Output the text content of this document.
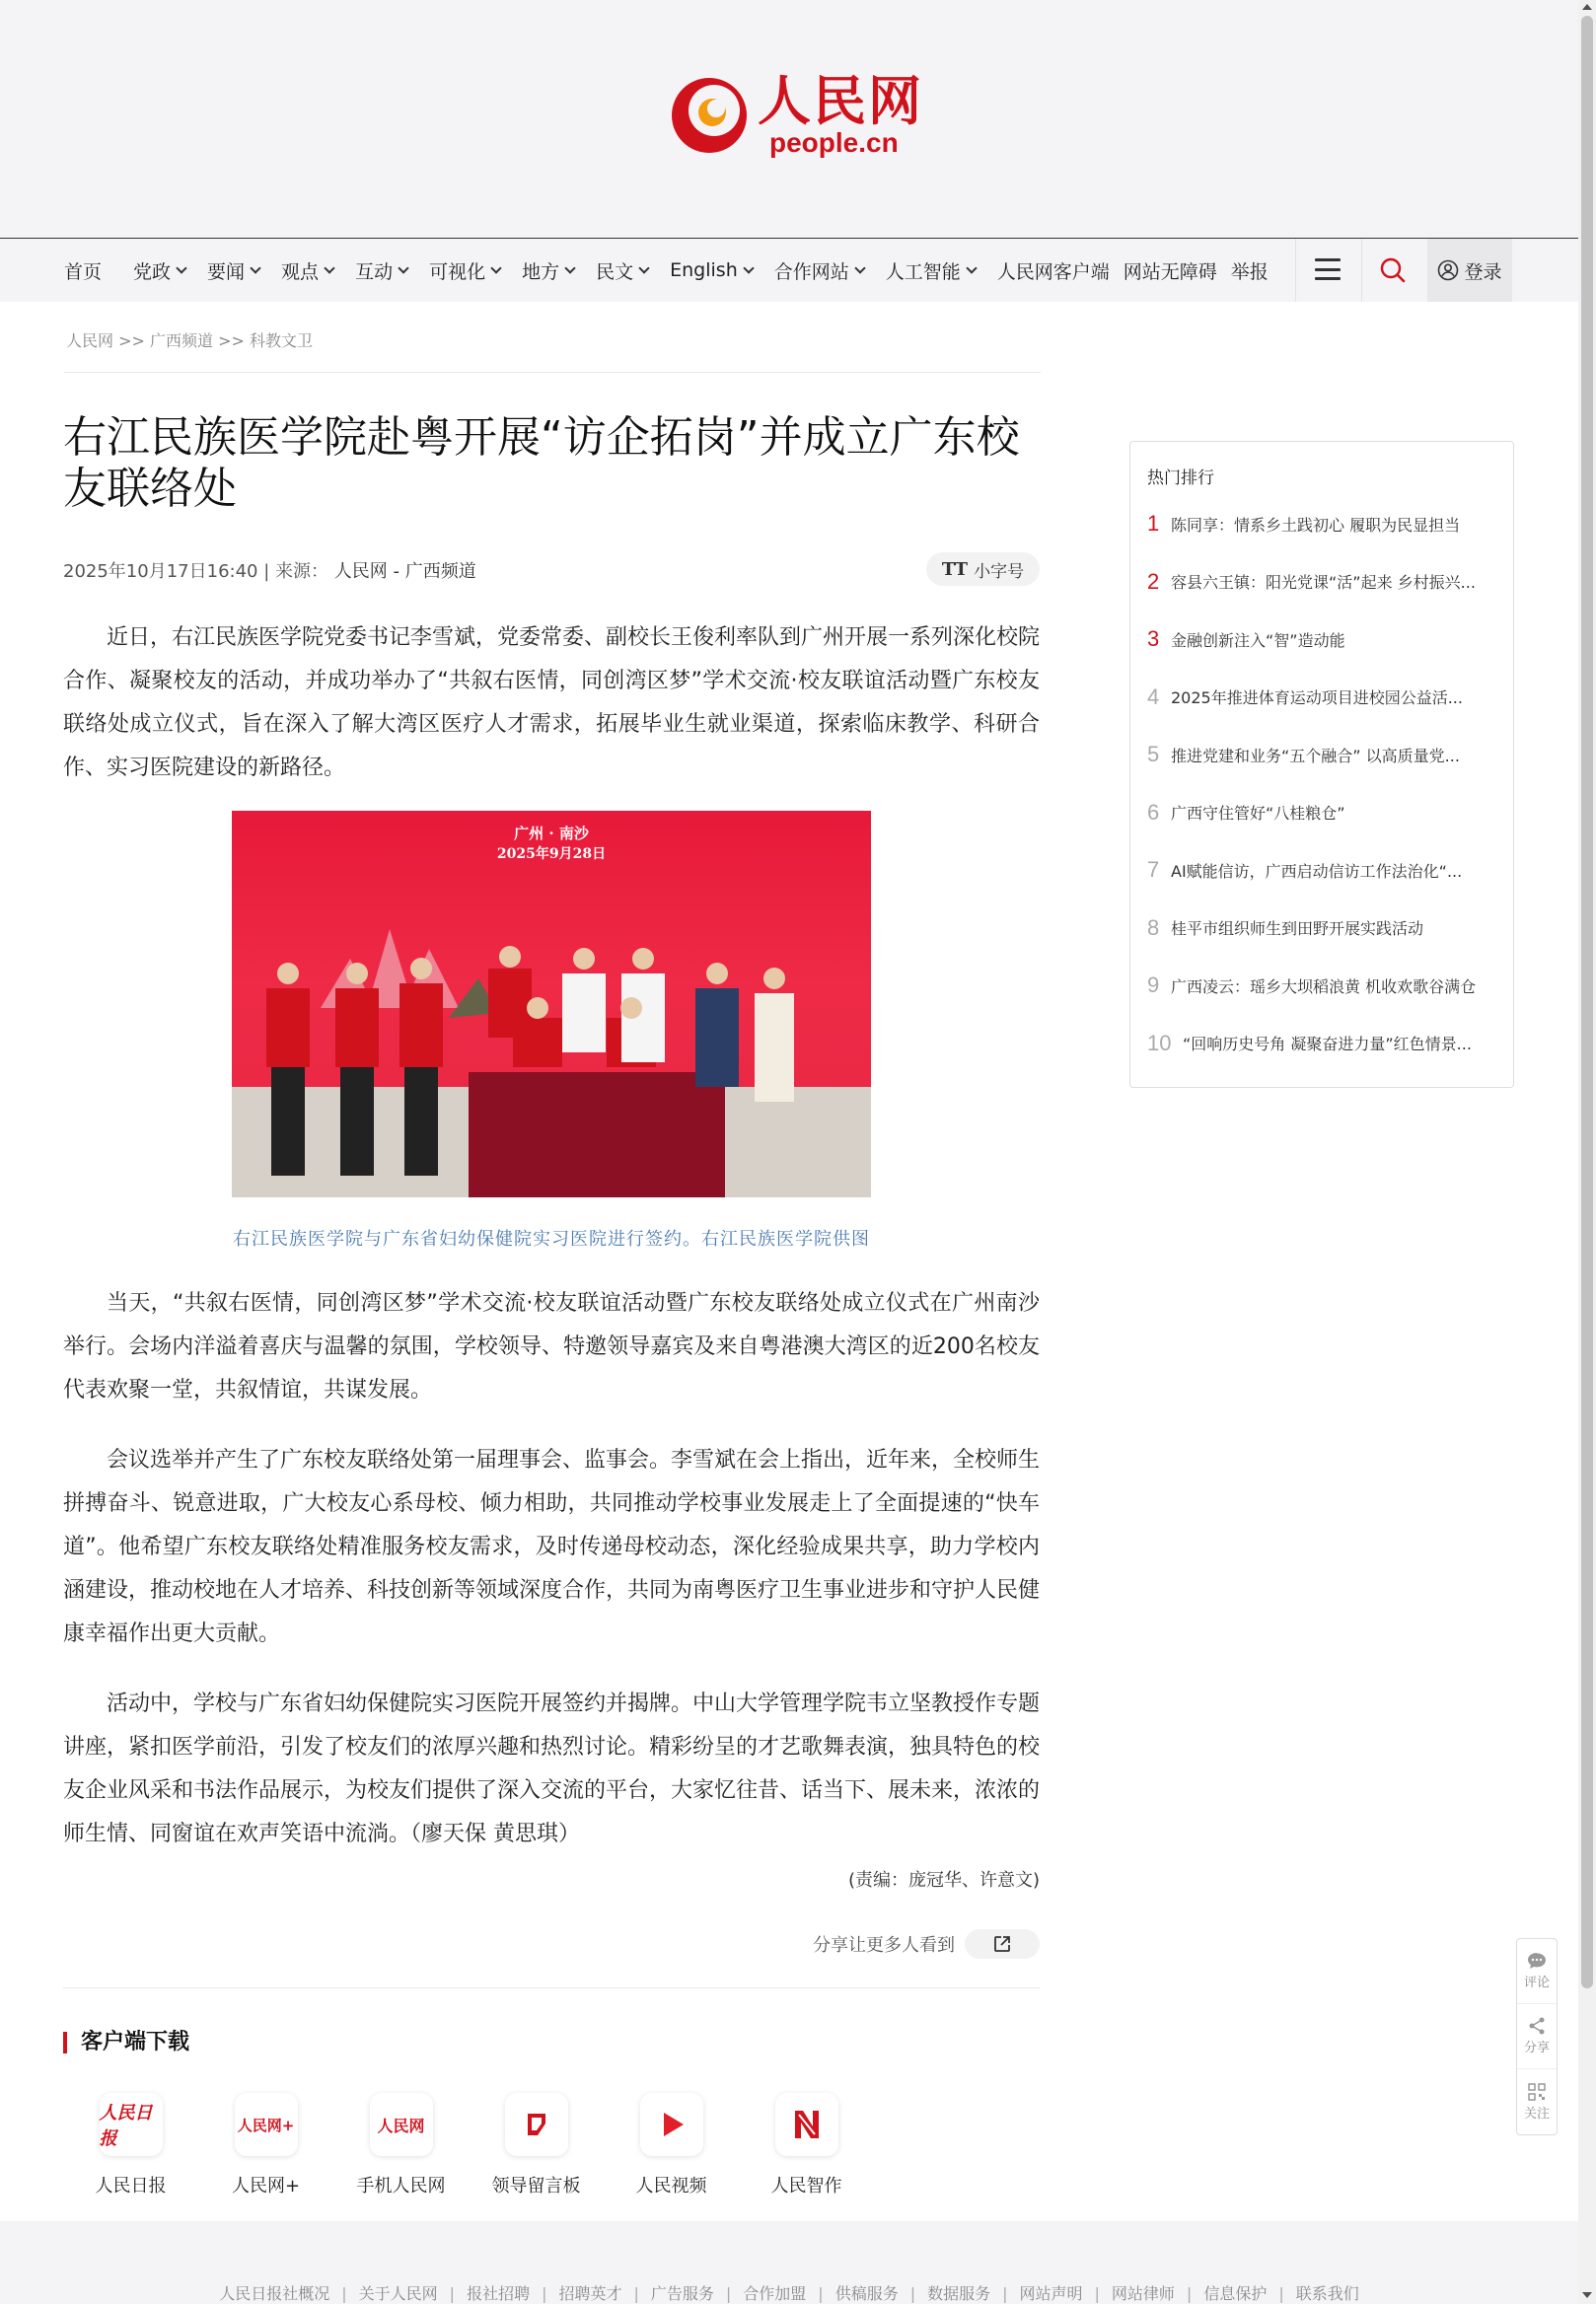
人民网
people.cn
首页 党政 要闻 观点 互动 可视化 地方 民文 English 合作网站 人工智能 人民网客户端 网站无障碍 举报	登录
人民网 >> 广西频道 >> 科教文卫
右江民族医学院赴粤开展“访企拓岗”并成立广东校友联络处
2025年10月17日16:40 | 来源： 人民网 - 广西频道	TT 小字号

近日，右江民族医学院党委书记李雪斌，党委常委、副校长王俊利率队到广州开展一系列深化校院合作、凝聚校友的活动，并成功举办了“共叙右医情，同创湾区梦”学术交流·校友联谊活动暨广东校友联络处成立仪式，旨在深入了解大湾区医疗人才需求，拓展毕业生就业渠道，探索临床教学、科研合作、实习医院建设的新路径。

广州 · 南沙
2025年9月28日
右江民族医学院与广东省妇幼保健院实习医院进行签约。右江民族医学院供图

当天，“共叙右医情，同创湾区梦”学术交流·校友联谊活动暨广东校友联络处成立仪式在广州南沙举行。会场内洋溢着喜庆与温馨的氛围，学校领导、特邀领导嘉宾及来自粤港澳大湾区的近200名校友代表欢聚一堂，共叙情谊，共谋发展。

会议选举并产生了广东校友联络处第一届理事会、监事会。李雪斌在会上指出，近年来，全校师生拼搏奋斗、锐意进取，广大校友心系母校、倾力相助，共同推动学校事业发展走上了全面提速的“快车道”。他希望广东校友联络处精准服务校友需求，及时传递母校动态，深化经验成果共享，助力学校内涵建设，推动校地在人才培养、科技创新等领域深度合作，共同为南粤医疗卫生事业进步和守护人民健康幸福作出更大贡献。

活动中，学校与广东省妇幼保健院实习医院开展签约并揭牌。中山大学管理学院韦立坚教授作专题讲座，紧扣医学前沿，引发了校友们的浓厚兴趣和热烈讨论。精彩纷呈的才艺歌舞表演，独具特色的校友企业风采和书法作品展示，为校友们提供了深入交流的平台，大家忆往昔、话当下、展未来，浓浓的师生情、同窗谊在欢声笑语中流淌。（廖天保 黄思琪）

(责编：庞冠华、许意文)
分享让更多人看到
客户端下载
人民日报
人民日报
人民网+
人民网+
人民网
手机人民网	领导留言板	人民视频	人民智作
热门排行
1 陈同享：情系乡土践初心 履职为民显担当
2 容县六王镇：阳光党课“活”起来 乡村振兴...
3 金融创新注入“智”造动能
4 2025年推进体育运动项目进校园公益活...
5 推进党建和业务“五个融合” 以高质量党...
6 广西守住管好“八桂粮仓”
7 AI赋能信访，广西启动信访工作法治化“...
8 桂平市组织师生到田野开展实践活动
9 广西凌云：瑶乡大坝稻浪黄 机收欢歌谷满仓
10 “回响历史号角 凝聚奋进力量”红色情景...
评论
分享
关注
人民日报社概况 | 关于人民网 | 报社招聘 | 招聘英才 | 广告服务 | 合作加盟 | 供稿服务 | 数据服务 | 网站声明 | 网站律师 | 信息保护 | 联系我们
